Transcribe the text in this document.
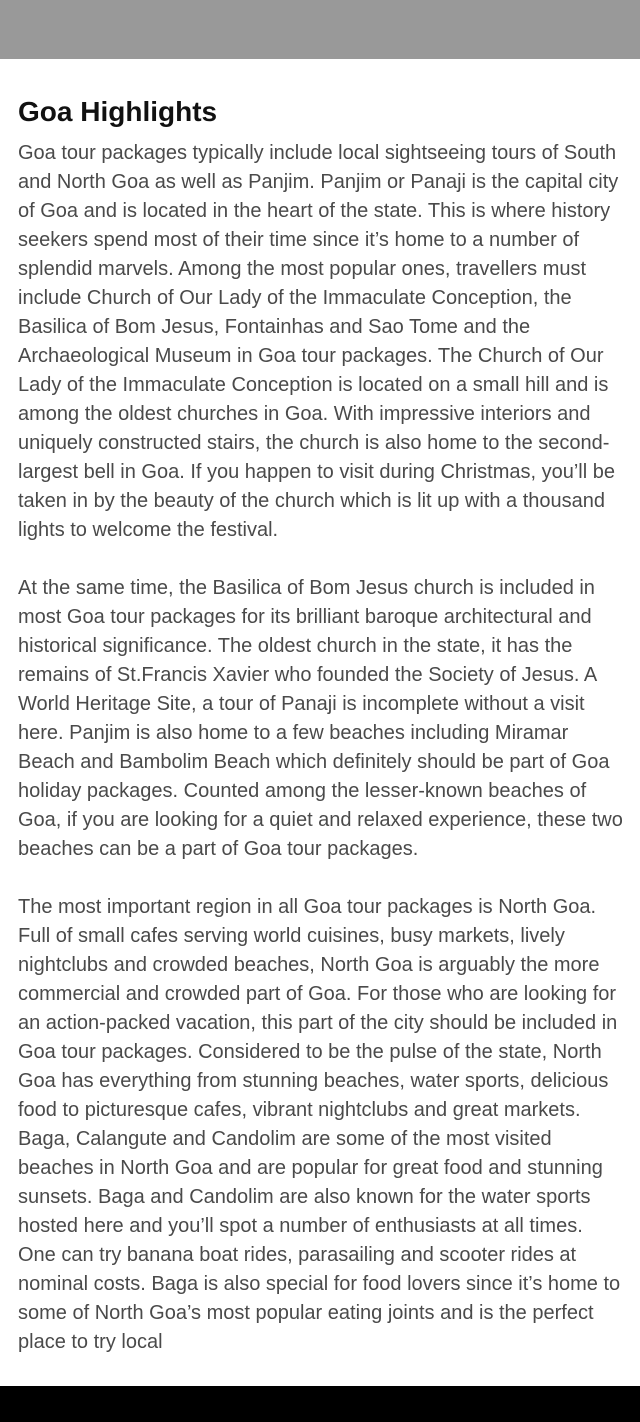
Goa Highlights

Goa tour packages typically include local sightseeing tours of South and North Goa as well as Panjim. Panjim or Panaji is the capital city of Goa and is located in the heart of the state. This is where history seekers spend most of their time since it’s home to a number of splendid marvels. Among the most popular ones, travellers must include Church of Our Lady of the Immaculate Conception, the Basilica of Bom Jesus, Fontainhas and Sao Tome and the Archaeological Museum in Goa tour packages. The Church of Our Lady of the Immaculate Conception is located on a small hill and is among the oldest churches in Goa. With impressive interiors and uniquely constructed stairs, the church is also home to the second-largest bell in Goa. If you happen to visit during Christmas, you’ll be taken in by the beauty of the church which is lit up with a thousand lights to welcome the festival.

At the same time, the Basilica of Bom Jesus church is included in most Goa tour packages for its brilliant baroque architectural and historical significance. The oldest church in the state, it has the remains of St.Francis Xavier who founded the Society of Jesus. A World Heritage Site, a tour of Panaji is incomplete without a visit here. Panjim is also home to a few beaches including Miramar Beach and Bambolim Beach which definitely should be part of Goa holiday packages. Counted among the lesser-known beaches of Goa, if you are looking for a quiet and relaxed experience, these two beaches can be a part of Goa tour packages.

The most important region in all Goa tour packages is North Goa. Full of small cafes serving world cuisines, busy markets, lively nightclubs and crowded beaches, North Goa is arguably the more commercial and crowded part of Goa. For those who are looking for an action-packed vacation, this part of the city should be included in Goa tour packages. Considered to be the pulse of the state, North Goa has everything from stunning beaches, water sports, delicious food to picturesque cafes, vibrant nightclubs and great markets. Baga, Calangute and Candolim are some of the most visited beaches in North Goa and are popular for great food and stunning sunsets. Baga and Candolim are also known for the water sports hosted here and you’ll spot a number of enthusiasts at all times. One can try banana boat rides, parasailing and scooter rides at nominal costs. Baga is also special for food lovers since it’s home to some of North Goa’s most popular eating joints and is the perfect place to try local
